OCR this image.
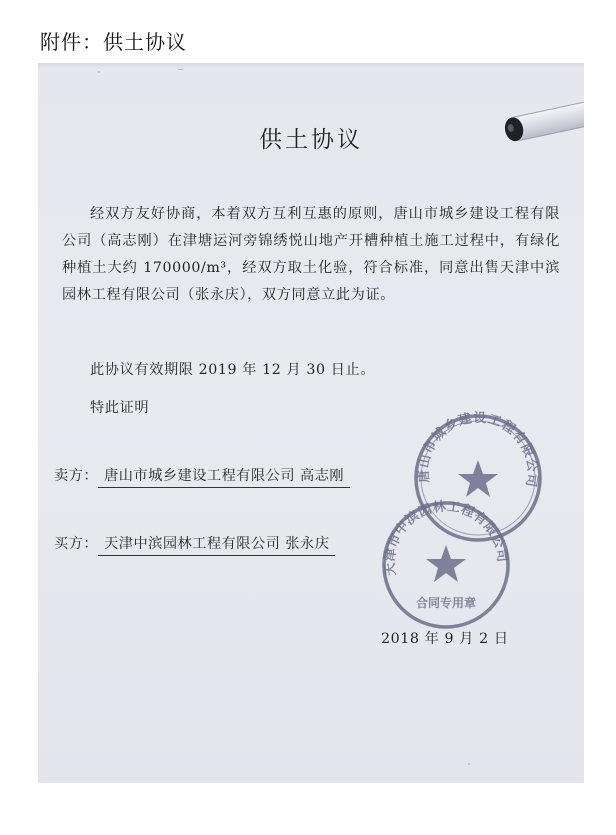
附件：供土协议
供土协议
经双方友好协商，本着双方互利互惠的原则，唐山市城乡建设工程有限公司（高志刚）在津塘运河旁锦绣悦山地产开槽种植土施工过程中，有绿化种植土大约 170000/m³，经双方取土化验，符合标准，同意出售天津中滨园林工程有限公司（张永庆），双方同意立此为证。
此协议有效期限 2019 年 12 月 30 日止。
特此证明
卖方： 唐山市城乡建设工程有限公司 高志刚
买方： 天津中滨园林工程有限公司 张永庆
2018 年 9 月 2 日
唐山市城乡建设工程有限公司
天津市中滨园林工程有限公司
合同专用章
